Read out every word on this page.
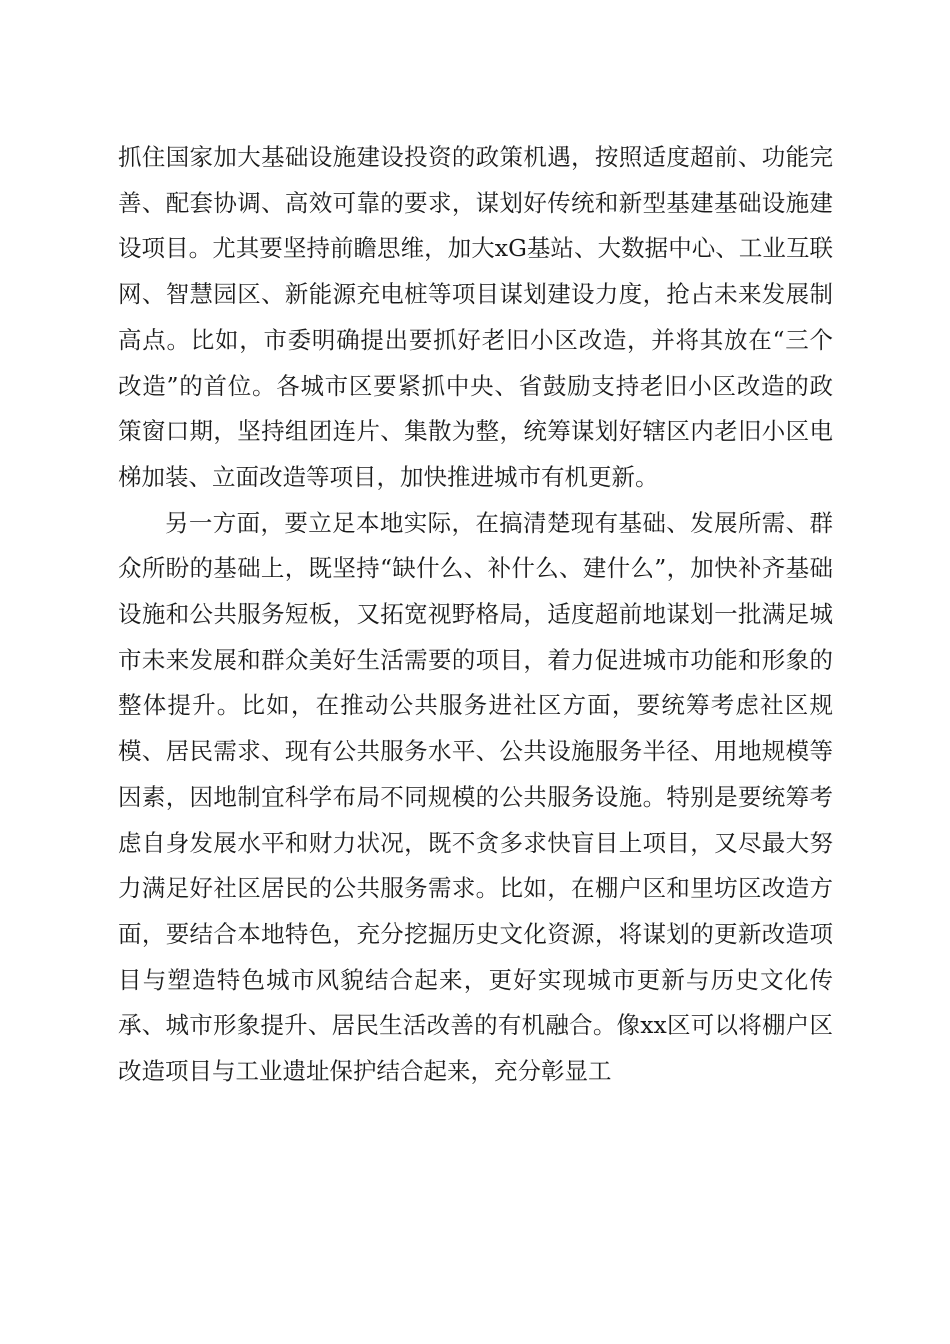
抓住国家加大基础设施建设投资的政策机遇，按照适度超前、功能完善、配套协调、高效可靠的要求，谋划好传统和新型基建基础设施建设项目。尤其要坚持前瞻思维，加大xG基站、大数据中心、工业互联网、智慧园区、新能源充电桩等项目谋划建设力度，抢占未来发展制高点。比如，市委明确提出要抓好老旧小区改造，并将其放在“三个改造”的首位。各城市区要紧抓中央、省鼓励支持老旧小区改造的政策窗口期，坚持组团连片、集散为整，统筹谋划好辖区内老旧小区电梯加装、立面改造等项目，加快推进城市有机更新。

另一方面，要立足本地实际，在搞清楚现有基础、发展所需、群众所盼的基础上，既坚持“缺什么、补什么、建什么”，加快补齐基础设施和公共服务短板，又拓宽视野格局，适度超前地谋划一批满足城市未来发展和群众美好生活需要的项目，着力促进城市功能和形象的整体提升。比如，在推动公共服务进社区方面，要统筹考虑社区规模、居民需求、现有公共服务水平、公共设施服务半径、用地规模等因素，因地制宜科学布局不同规模的公共服务设施。特别是要统筹考虑自身发展水平和财力状况，既不贪多求快盲目上项目，又尽最大努力满足好社区居民的公共服务需求。比如，在棚户区和里坊区改造方面，要结合本地特色，充分挖掘历史文化资源，将谋划的更新改造项目与塑造特色城市风貌结合起来，更好实现城市更新与历史文化传承、城市形象提升、居民生活改善的有机融合。像xx区可以将棚户区改造项目与工业遗址保护结合起来，充分彰显工
